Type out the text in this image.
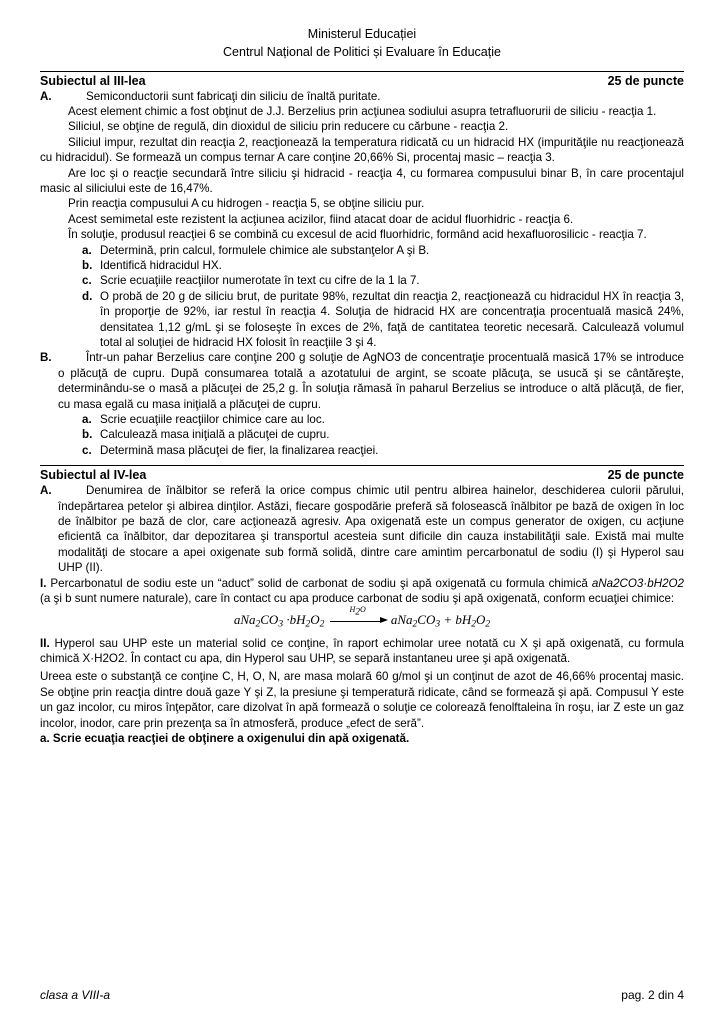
Ministerul Educației
Centrul Național de Politici și Evaluare în Educație
Subiectul al III-lea	25 de puncte
A.	Semiconductorii sunt fabricaţi din siliciu de înaltă puritate.

Acest element chimic a fost obţinut de J.J. Berzelius prin acţiunea sodiului asupra tetrafluorurii de siliciu - reacţia 1.

Siliciul, se obţine de regulă, din dioxidul de siliciu prin reducere cu cărbune - reacţia 2.

Siliciul impur, rezultat din reacţia 2, reacţionează la temperatura ridicată cu un hidracid HX (impurităţile nu reacţionează cu hidracidul). Se formează un compus ternar A care conţine 20,66% Si, procentaj masic – reacţia 3.

Are loc şi o reacţie secundară între siliciu şi hidracid - reacţia 4, cu formarea compusului binar B, în care procentajul masic al siliciului este de 16,47%.

Prin reacţia compusului A cu hidrogen - reacţia 5, se obţine siliciu pur.

Acest semimetal este rezistent la acţiunea acizilor, fiind atacat doar de acidul fluorhidric - reacţia 6.

În soluţie, produsul reacţiei 6 se combină cu excesul de acid fluorhidric, formând acid hexafluorosilicic - reacţia 7.

a. Determină, prin calcul, formulele chimice ale substanţelor A şi B.
b. Identifică hidracidul HX.
c. Scrie ecuaţiile reacţiilor numerotate în text cu cifre de la 1 la 7.
d. O probă de 20 g de siliciu brut, de puritate 98%, rezultat din reacţia 2, reacţionează cu hidracidul HX în reacţia 3, în proporţie de 92%, iar restul în reacţia 4. Soluţia de hidracid HX are concentraţia procentuală masică 24%, densitatea 1,12 g/mL şi se foloseşte în exces de 2%, faţă de cantitatea teoretic necesară. Calculează volumul total al soluţiei de hidracid HX folosit în reacţiile 3 şi 4.
B.	Într-un pahar Berzelius care conţine 200 g soluţie de AgNO3 de concentraţie procentuală masică 17% se introduce o plăcuţă de cupru. După consumarea totală a azotatului de argint, se scoate plăcuţa, se usucă şi se cântăreşte, determinându-se o masă a plăcuţei de 25,2 g. În soluţia rămasă în paharul Berzelius se introduce o altă plăcuţă, de fier, cu masa egală cu masa iniţială a plăcuţei de cupru.
a. Scrie ecuaţiile reacţiilor chimice care au loc.
b. Calculează masa iniţială a plăcuţei de cupru.
c. Determină masa plăcuţei de fier, la finalizarea reacţiei.
Subiectul al IV-lea	25 de puncte
A.	Denumirea de înălbitor se referă la orice compus chimic util pentru albirea hainelor, deschiderea culorii părului, îndepărtarea petelor şi albirea dinţilor. Astăzi, fiecare gospodărie preferă să folosească înălbitor pe bază de oxigen în loc de înălbitor pe bază de clor, care acţionează agresiv. Apa oxigenată este un compus generator de oxigen, cu acţiune eficientă ca înălbitor, dar depozitarea şi transportul acesteia sunt dificile din cauza instabilităţii sale. Există mai multe modalităţi de stocare a apei oxigenate sub formă solidă, dintre care amintim percarbonatul de sodiu (I) şi Hyperol sau UHP (II).

I. Percarbonatul de sodiu este un “aduct” solid de carbonat de sodiu şi apă oxigenată cu formula chimică aNa2CO3·bH2O2 (a şi b sunt numere naturale), care în contact cu apa produce carbonat de sodiu şi apă oxigenată, conform ecuaţiei chimice:

$aNa_2CO_3 \cdot bH_2O_2$
H2O
$aNa_2CO_3 + bH_2O_2$

II. Hyperol sau UHP este un material solid ce conţine, în raport echimolar uree notată cu X şi apă oxigenată, cu formula chimică X·H2O2. În contact cu apa, din Hyperol sau UHP, se separă instantaneu uree şi apă oxigenată.

Ureea este o substanţă ce conţine C, H, O, N, are masa molară 60 g/mol şi un conţinut de azot de 46,66% procentaj masic. Se obţine prin reacţia dintre două gaze Y şi Z, la presiune şi temperatură ridicate, când se formează şi apă. Compusul Y este un gaz incolor, cu miros înţepător, care dizolvat în apă formează o soluţie ce colorează fenolftaleina în roşu, iar Z este un gaz incolor, inodor, care prin prezenţa sa în atmosferă, produce „efect de seră”.

a. Scrie ecuaţia reacţiei de obţinere a oxigenului din apă oxigenată.

clasa a VIII-a	pag. 2 din 4
